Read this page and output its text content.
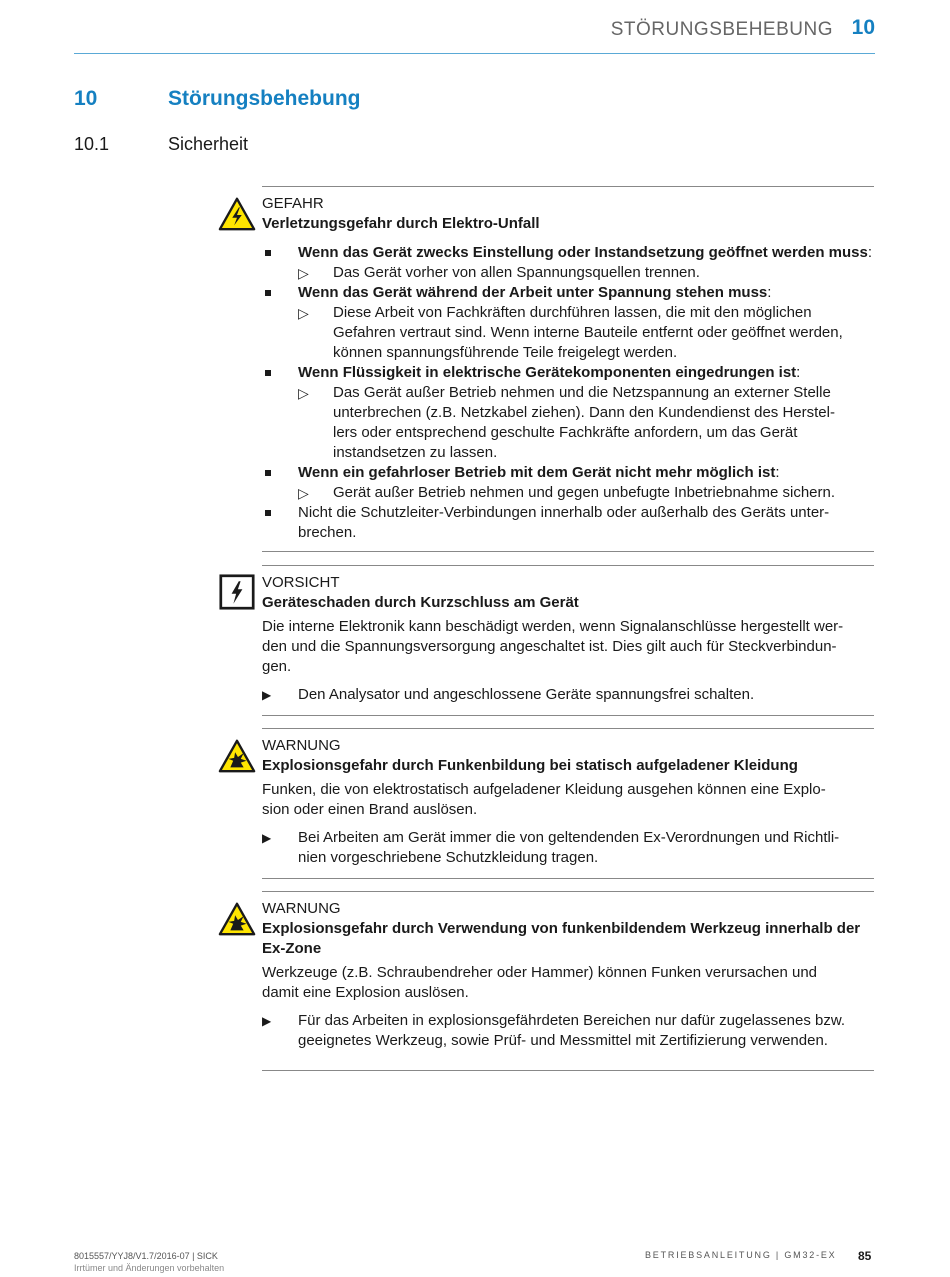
STÖRUNGSBEHEBUNG 10
10	Störungsbehebung
10.1	Sicherheit
GEFAHR
Verletzungsgefahr durch Elektro-Unfall
Wenn das Gerät zwecks Einstellung oder Instandsetzung geöffnet werden muss:
▷ Das Gerät vorher von allen Spannungsquellen trennen.
Wenn das Gerät während der Arbeit unter Spannung stehen muss:
▷ Diese Arbeit von Fachkräften durchführen lassen, die mit den möglichen
Gefahren vertraut sind. Wenn interne Bauteile entfernt oder geöffnet werden,
können spannungsführende Teile freigelegt werden.
Wenn Flüssigkeit in elektrische Gerätekomponenten eingedrungen ist:
▷ Das Gerät außer Betrieb nehmen und die Netzspannung an externer Stelle
unterbrechen (z.B. Netzkabel ziehen). Dann den Kundendienst des Herstel-
lers oder entsprechend geschulte Fachkräfte anfordern, um das Gerät
instandsetzen zu lassen.
Wenn ein gefahrloser Betrieb mit dem Gerät nicht mehr möglich ist:
▷ Gerät außer Betrieb nehmen und gegen unbefugte Inbetriebnahme sichern.
Nicht die Schutzleiter-Verbindungen innerhalb oder außerhalb des Geräts unter-
brechen.
VORSICHT
Geräteschaden durch Kurzschluss am Gerät
Die interne Elektronik kann beschädigt werden, wenn Signalanschlüsse hergestellt wer-
den und die Spannungsversorgung angeschaltet ist. Dies gilt auch für Steckverbindun-
gen.
▶ Den Analysator und angeschlossene Geräte spannungsfrei schalten.
WARNUNG
Explosionsgefahr durch Funkenbildung bei statisch aufgeladener Kleidung
Funken, die von elektrostatisch aufgeladener Kleidung ausgehen können eine Explo-
sion oder einen Brand auslösen.
▶ Bei Arbeiten am Gerät immer die von geltendenden Ex-Verordnungen und Richtli-
nien vorgeschriebene Schutzkleidung tragen.
WARNUNG
Explosionsgefahr durch Verwendung von funkenbildendem Werkzeug innerhalb der
Ex-Zone
Werkzeuge (z.B. Schraubendreher oder Hammer) können Funken verursachen und
damit eine Explosion auslösen.
▶ Für das Arbeiten in explosionsgefährdeten Bereichen nur dafür zugelassenes bzw.
geeignetes Werkzeug, sowie Prüf- und Messmittel mit Zertifizierung verwenden.
8015557/YYJ8/V1.7/2016-07 | SICK
Irrtümer und Änderungen vorbehalten
BETRIEBSANLEITUNG | GM32-EX 85
